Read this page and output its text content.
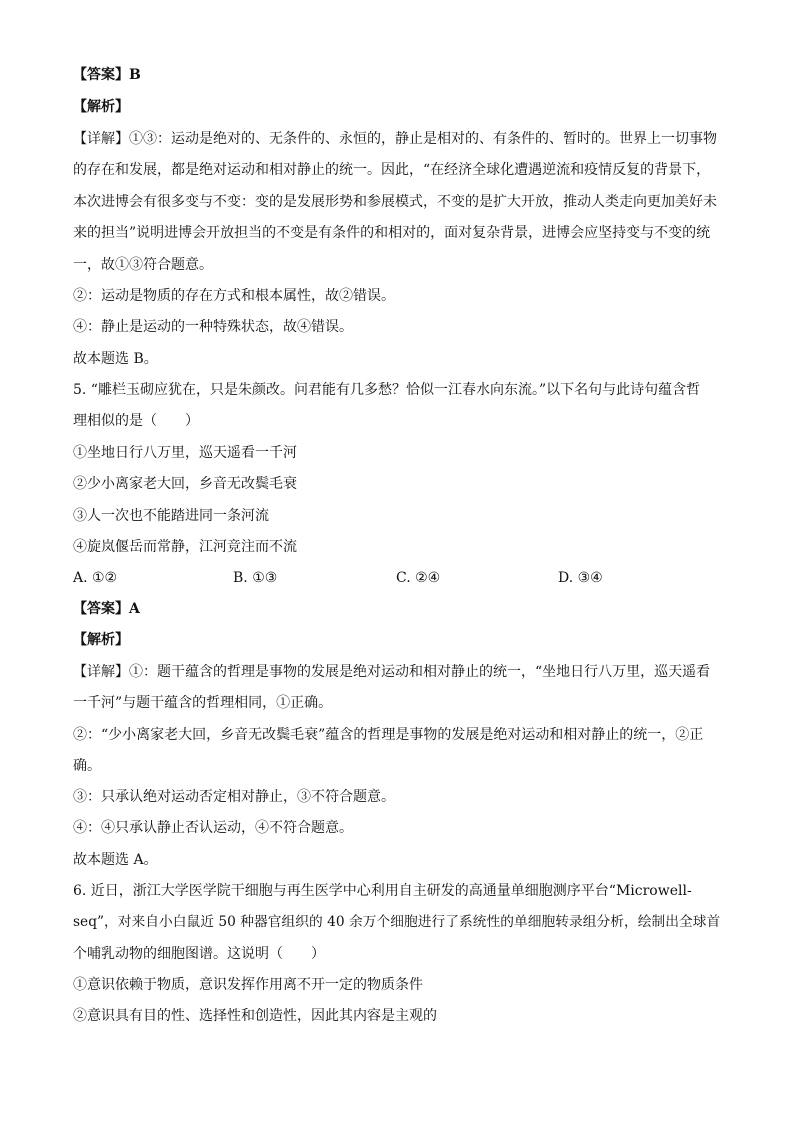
【答案】B
【解析】
【详解】①③：运动是绝对的、无条件的、永恒的，静止是相对的、有条件的、暂时的。世界上一切事物
的存在和发展，都是绝对运动和相对静止的统一。因此，“在经济全球化遭遇逆流和疫情反复的背景下，
本次进博会有很多变与不变：变的是发展形势和参展模式，不变的是扩大开放，推动人类走向更加美好未
来的担当”说明进博会开放担当的不变是有条件的和相对的，面对复杂背景，进博会应坚持变与不变的统
一，故①③符合题意。
②：运动是物质的存在方式和根本属性，故②错误。
④：静止是运动的一种特殊状态，故④错误。
故本题选 B。
5. “雕栏玉砌应犹在，只是朱颜改。问君能有几多愁？恰似一江春水向东流。”以下名句与此诗句蕴含哲
理相似的是（　　）
①坐地日行八万里，巡天遥看一千河
②少小离家老大回，乡音无改鬓毛衰
③人一次也不能踏进同一条河流
④旋岚偃岳而常静，江河竞注而不流
A. ①②	B. ①③	C. ②④	D. ③④
【答案】A
【解析】
【详解】①：题干蕴含的哲理是事物的发展是绝对运动和相对静止的统一，“坐地日行八万里，巡天遥看
一千河”与题干蕴含的哲理相同，①正确。
②：“少小离家老大回，乡音无改鬓毛衰”蕴含的哲理是事物的发展是绝对运动和相对静止的统一，②正
确。
③：只承认绝对运动否定相对静止，③不符合题意。
④：④只承认静止否认运动，④不符合题意。
故本题选 A。
6. 近日，浙江大学医学院干细胞与再生医学中心利用自主研发的高通量单细胞测序平台“Microwell-
seq”，对来自小白鼠近 50 种器官组织的 40 余万个细胞进行了系统性的单细胞转录组分析，绘制出全球首
个哺乳动物的细胞图谱。这说明（　　）
①意识依赖于物质，意识发挥作用离不开一定的物质条件
②意识具有目的性、选择性和创造性，因此其内容是主观的
